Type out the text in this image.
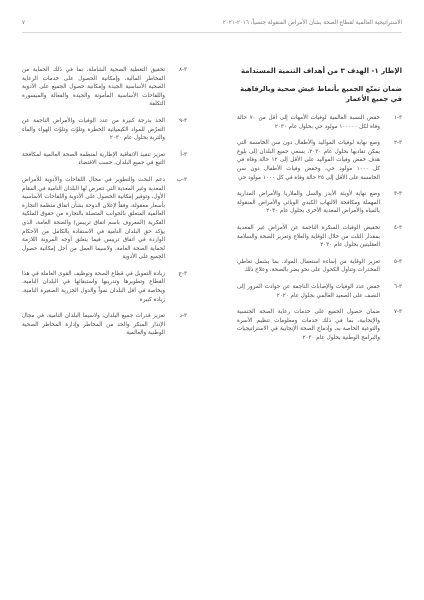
٧	الاستراتيجية العالمية لقطاع الصحة بشأن الأمراض المنقولة جنسياً، ٢٠١٦-٢٠٢١
الإطار ١- الهدف ٣ من أهداف التنمية المستدامة
ضمان تمتّع الجميع بأنماط عيش صحية وبالرفاهية في جميع الأعمار
٣-١
خفض النسبة العالمية لوفيات الأمهات إلى أقل من ٧٠ حالة وفاة لكل ١٠٠٠٠٠ مولود حي بحلول عام ٢٠٣٠
٣-٢
وضع نهاية لوفيات المواليد والأطفال دون سن الخامسة التي يمكن تفاديها بحلول عام ٢٠٣٠، بسعي جميع البلدان إلى بلوغ هدف خفض وفيات المواليد على الأقل إلى ١٢ حالة وفاة في كل ١٠٠٠ مولود حي، وخفض وفيات الأطفال دون سن الخامسة على الأقل إلى ٢٥ حالة وفاة في كل ١٠٠٠ مولود حي
٣-٣
وضع نهاية لأوبئة الأيدز والسل والملاريا والأمراض المدارية المهملة ومكافحة الالتهاب الكبدي الوبائي والأمراض المنقولة بالمياه والأمراض المعدية الأخرى بحلول عام ٢٠٣٠
٣-٤
تخفيض الوفيات المبكرة الناجمة عن الأمراض غير المعدية بمقدار الثلث من خلال الوقاية والعلاج وتعزيز الصحة والسلامة العقليتين بحلول عام ٢٠٣٠
٣-٥
تعزيز الوقاية من إساءة استعمال المواد، بما يشمل تعاطي المخدرات وتناول الكحول على نحو يضر بالصحة، وعلاج ذلك
٣-٦
خفض عدد الوفيات والإصابات الناجمة عن حوادث المرور إلى النصف على الصعيد العالمي بحلول عام ٢٠٢٠
٣-٧
ضمان حصول الجميع على خدمات رعاية الصحة الجنسية والإنجابية، بما في ذلك خدمات ومعلومات تنظيم الأسرة والتوعية الخاصة به، وإدماج الصحة الإنجابية في الاستراتيجيات والبرامج الوطنية بحلول عام ٢٠٣٠
٣-٨
تحقيق التغطية الصحية الشاملة، بما في ذلك الحماية من المخاطر المالية، وإمكانية الحصول على خدمات الرعاية الصحية الأساسية الجيدة وإمكانية حصول الجميع على الأدوية واللقاحات الأساسية المأمونة والجيدة والفعالة والميسورة التكلفة
٣-٩
الحد بدرجة كبيرة من عدد الوفيات والأمراض الناجمة عن التعرّض للمواد الكيميائية الخطرة وتلوّث وتلوّث الهواء والماء والتربة بحلول عام ٢٠٣٠
٣-أ
تعزيز تنفيذ الاتفاقية الإطارية لمنظمة الصحة العالمية لمكافحة التبغ في جميع البلدان، حسب الاقتضاء
٣-ب
دعم البحث والتطوير في مجال اللقاحات والأدوية للأمراض المعدية وغير المعدية التي تتعرض لها البلدان النامية في المقام الأول، وتوفير إمكانية الحصول على الأدوية واللقاحات الأساسية بأسعار معقولة، وفقاً لإعلان الدوحة بشأن اتفاق منظمة التجارة العالمية المتعلق بالجوانب المتصلة بالتجارة من حقوق الملكية الفكرية (المعروف باسم اتفاق تريبس) والصحة العامة، الذي يؤكد حق البلدان النامية في الاستفادة بالكامل من الأحكام الواردة في اتفاق تريبس فيما يتعلق أوجه المرونة اللازمة لحماية الصحة العامة، ولاسيما العمل من أجل إمكانية حصول الجميع على الأدوية
٣-ج
زيادة التمويل في قطاع الصحة وتوظيف القوى العاملة في هذا القطاع وتطويرها وتدريبها واستبقائها في البلدان النامية، وبخاصة في أقل البلدان نمواً والدول الجزرية الصغيرة النامية، زيادة كبيرة
٣-د
تعزيز قدرات جميع البلدان، ولاسيما البلدان النامية، في مجال الإنذار المبكر والحد من المخاطر وإدارة المخاطر الصحية الوطنية والعالمية
